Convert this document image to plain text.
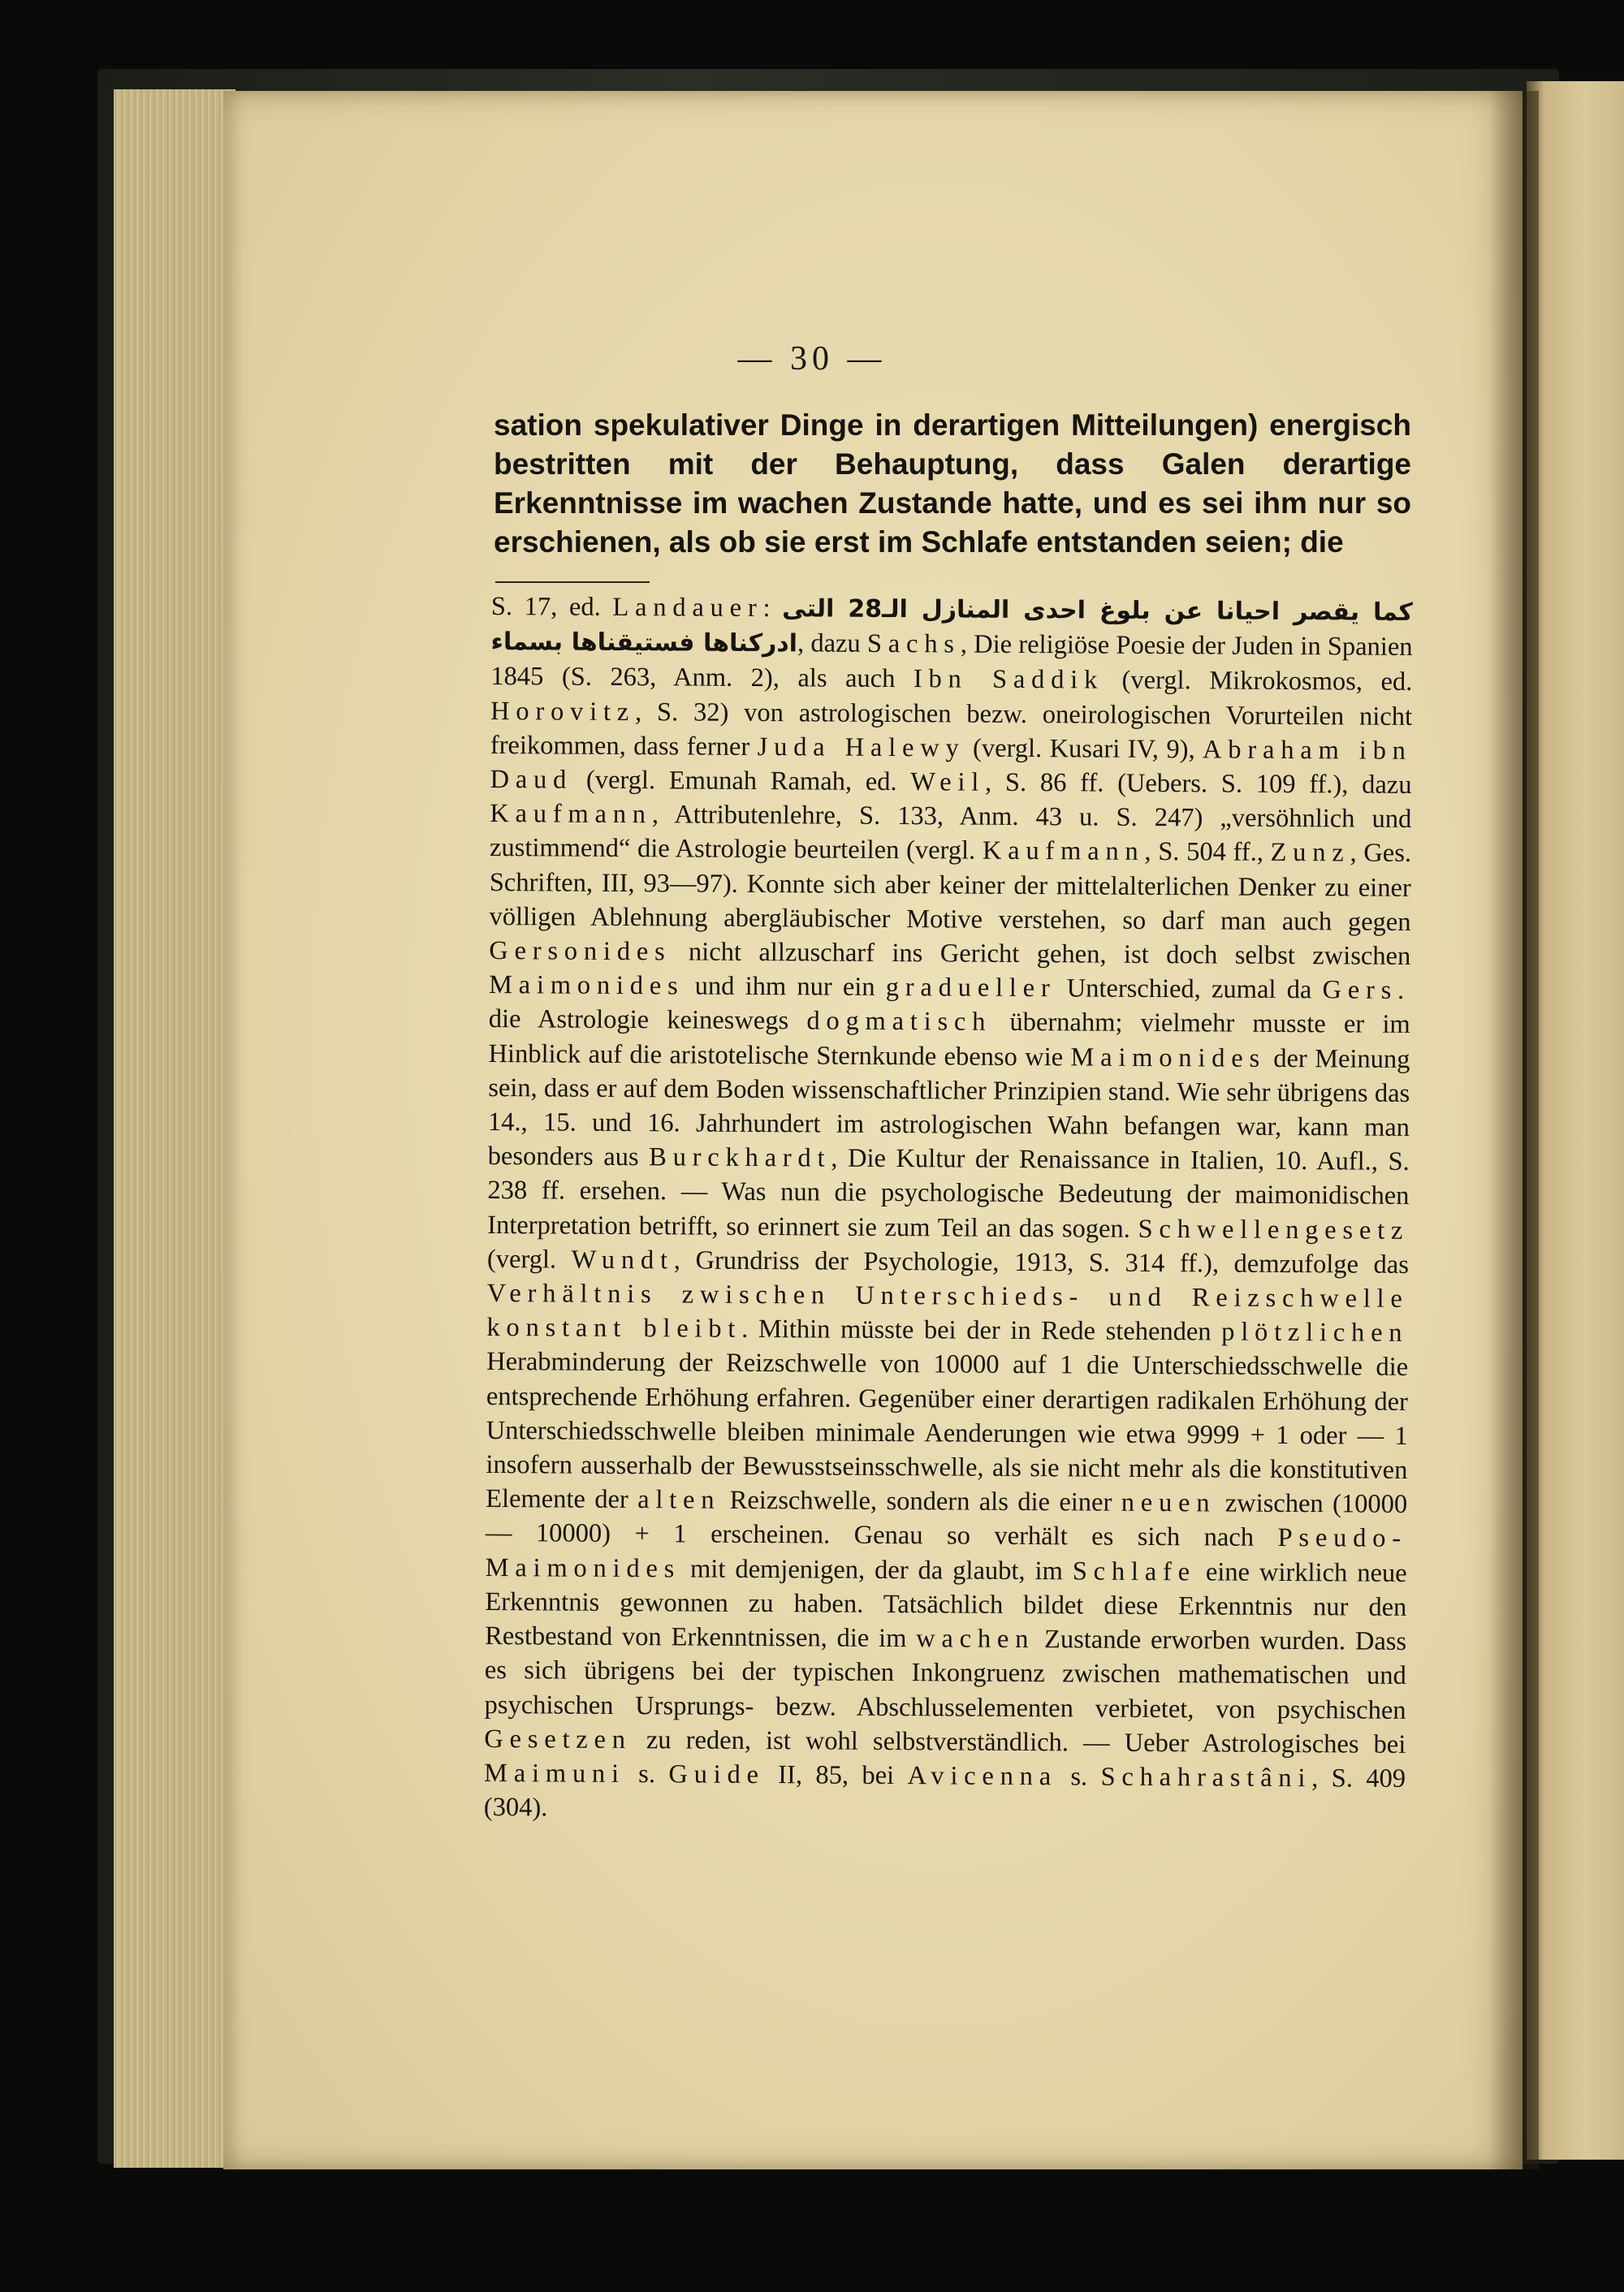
— 30 —

sation spekulativer Dinge in derartigen Mitteilungen) energisch bestritten mit der Behauptung, dass Galen derartige Erkenntnisse im wachen Zustande hatte, und es sei ihm nur so erschienen, als ob sie erst im Schlafe entstanden seien; die

S. 17, ed. Landauer: كما يقصر احيانا عن بلوغ احدى المنازل الـ28 التى ادركناها فستيقناها بسماء, dazu Sachs, Die religiöse Poesie der Juden in Spanien 1845 (S. 263, Anm. 2), als auch Ibn Saddik (vergl. Mikrokosmos, ed. Horovitz, S. 32) von astrologischen bezw. oneirologischen Vorurteilen nicht freikommen, dass ferner Juda Halewy (vergl. Kusari IV, 9), Abraham ibn Daud (vergl. Emunah Ramah, ed. Weil, S. 86 ff. (Uebers. S. 109 ff.), dazu Kaufmann, Attributenlehre, S. 133, Anm. 43 u. S. 247) „versöhnlich und zustimmend“ die Astrologie beurteilen (vergl. Kaufmann, S. 504 ff., Zunz, Ges. Schriften, III, 93—97). Konnte sich aber keiner der mittelalterlichen Denker zu einer völligen Ablehnung abergläubischer Motive verstehen, so darf man auch gegen Gersonides nicht allzuscharf ins Gericht gehen, ist doch selbst zwischen Maimonides und ihm nur ein gradueller Unterschied, zumal da Gers. die Astrologie keineswegs dogmatisch übernahm; vielmehr musste er im Hinblick auf die aristotelische Sternkunde ebenso wie Maimonides der Meinung sein, dass er auf dem Boden wissenschaftlicher Prinzipien stand. Wie sehr übrigens das 14., 15. und 16. Jahrhundert im astrologischen Wahn befangen war, kann man besonders aus Burckhardt, Die Kultur der Renaissance in Italien, 10. Aufl., S. 238 ff. ersehen. — Was nun die psychologische Bedeutung der maimonidischen Interpretation betrifft, so erinnert sie zum Teil an das sogen. Schwellengesetz (vergl. Wundt, Grundriss der Psychologie, 1913, S. 314 ff.), demzufolge das Verhältnis zwischen Unterschieds- und Reizschwelle konstant bleibt. Mithin müsste bei der in Rede stehenden plötzlichen Herabminderung der Reizschwelle von 10000 auf 1 die Unterschiedsschwelle die entsprechende Erhöhung erfahren. Gegenüber einer derartigen radikalen Erhöhung der Unterschiedsschwelle bleiben minimale Aenderungen wie etwa 9999 + 1 oder — 1 insofern ausserhalb der Bewusstseinsschwelle, als sie nicht mehr als die konstitutiven Elemente der alten Reizschwelle, sondern als die einer neuen zwischen (10000 — 10000) + 1 erscheinen. Genau so verhält es sich nach Pseudo-Maimonides mit demjenigen, der da glaubt, im Schlafe eine wirklich neue Erkenntnis gewonnen zu haben. Tatsächlich bildet diese Erkenntnis nur den Restbestand von Erkenntnissen, die im wachen Zustande erworben wurden. Dass es sich übrigens bei der typischen Inkongruenz zwischen mathematischen und psychischen Ursprungs- bezw. Abschlusselementen verbietet, von psychischen Gesetzen zu reden, ist wohl selbstverständlich. — Ueber Astrologisches bei Maimuni s. Guide II, 85, bei Avicenna s. Schahrastâni, S. 409 (304).
